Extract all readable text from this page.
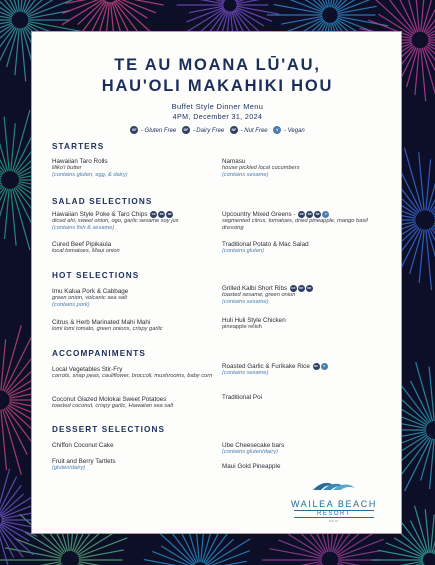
TE AU MOANA LŪ'AU,
HAU'OLI MAKAHIKI HOU
Buffet Style Dinner Menu
4PM, December 31, 2024
GF - Gluten Free DF - Dairy Free NF - Nut Free	V - Vegan
STARTERS
Hawaiian Taro Rolls
liliko'i butter
(contains gluten, egg, & dairy)
Namasu
house pickled local cucumbers
(contains sesame)
SALAD SELECTIONS
Hawaiian Style Poke & Taro Chips GF DF NF
diced ahi, sweet onion, ogo, garlic sesame soy jus
(contains fish & sesame)
Upcountry Mixed Greens - GF DF NF V
segmented citrus, tomatoes, dried pineapple, mango basil dressing
Cured Beef Pipikaula
local tomatoes, Maui onion
Traditional Potato & Mac Salad
(contains gluten)
HOT SELECTIONS
Imu Kalua Pork & Cabbage
green onion, volcanic sea salt
(contains pork)
Grilled Kalbi Short Ribs GF DF NF
toasted sesame, green onion
(contains sesame)
Citrus & Herb Marinated Mahi Mahi
lomi lomi tomato, green onions, crispy garlic
Huli Huli Style Chicken
pineapple relish
ACCOMPANIMENTS
Local Vegetables Stir-Fry
carrots, snap peas, cauliflower, broccoli, mushrooms, baby corn
Roasted Garlic & Furikake Rice GF V
(contains sesame)
Coconut Glazed Molokai Sweet Potatoes
toasted coconut, crispy garlic, Hawaiian sea salt
Traditional Poi
DESSERT SELECTIONS
Chiffon Coconut Cake	Ube Cheesecake bars
(contains gluten/dairy)
Fruit and Berry Tartlets
(gluten/dairy)	Maui Gold Pineapple
WAILEA BEACH
RESORT
MAUI
